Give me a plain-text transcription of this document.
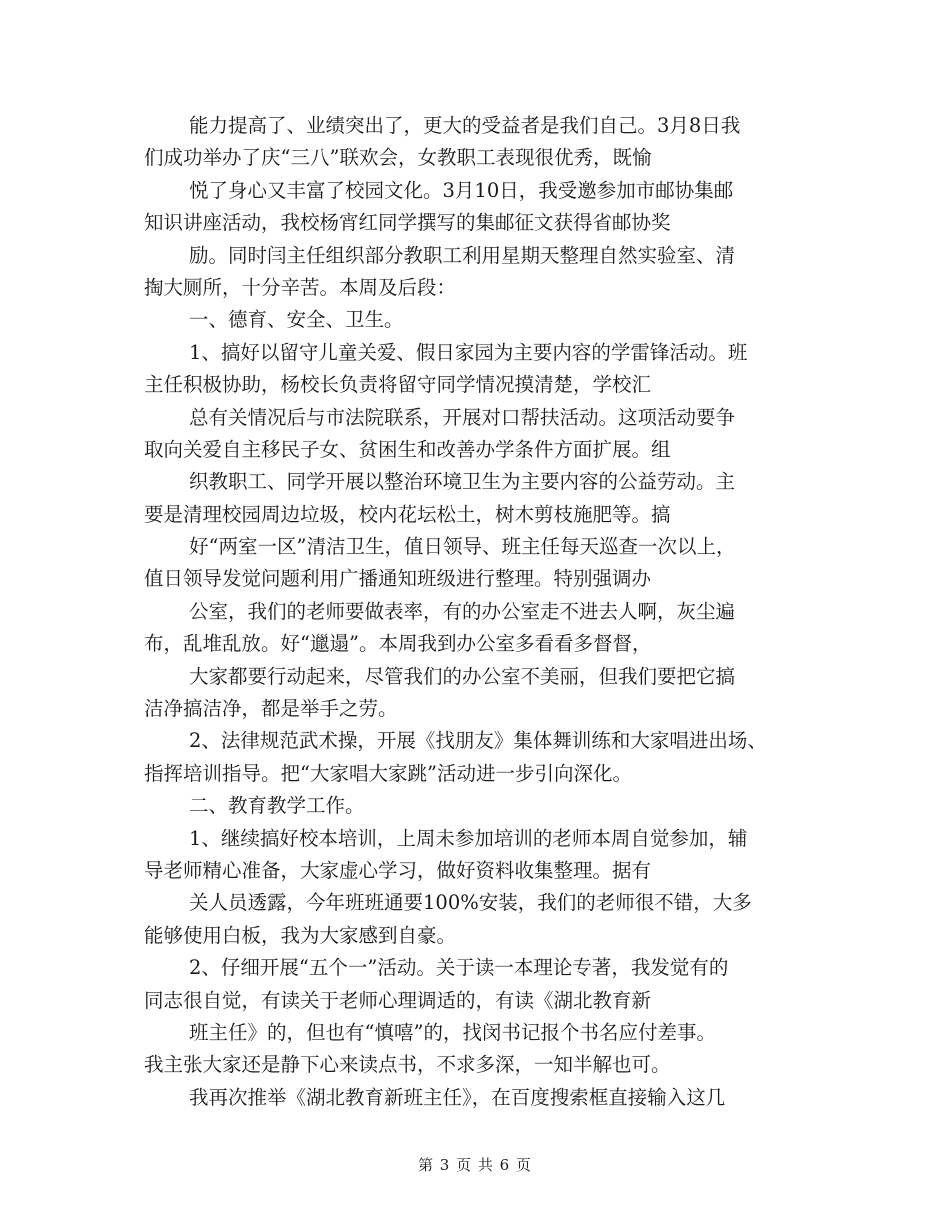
能力提高了、业绩突出了，更大的受益者是我们自己。3月8日我
们成功举办了庆“三八”联欢会，女教职工表现很优秀，既愉
悦了身心又丰富了校园文化。3月10日，我受邀参加市邮协集邮
知识讲座活动，我校杨宵红同学撰写的集邮征文获得省邮协奖
励。同时闫主任组织部分教职工利用星期天整理自然实验室、清
掏大厕所，十分辛苦。本周及后段：
一、德育、安全、卫生。
1、搞好以留守儿童关爱、假日家园为主要内容的学雷锋活动。班
主任积极协助，杨校长负责将留守同学情况摸清楚，学校汇
总有关情况后与市法院联系，开展对口帮扶活动。这项活动要争
取向关爱自主移民子女、贫困生和改善办学条件方面扩展。组
织教职工、同学开展以整治环境卫生为主要内容的公益劳动。主
要是清理校园周边垃圾，校内花坛松土，树木剪枝施肥等。搞
好“两室一区”清洁卫生，值日领导、班主任每天巡查一次以上，
值日领导发觉问题利用广播通知班级进行整理。特别强调办
公室，我们的老师要做表率，有的办公室走不进去人啊，灰尘遍
布，乱堆乱放。好“邋遢”。本周我到办公室多看看多督督，
大家都要行动起来，尽管我们的办公室不美丽，但我们要把它搞
洁净搞洁净，都是举手之劳。
2、法律规范武术操，开展《找朋友》集体舞训练和大家唱进出场、
指挥培训指导。把“大家唱大家跳”活动进一步引向深化。
二、教育教学工作。
1、继续搞好校本培训，上周未参加培训的老师本周自觉参加，辅
导老师精心准备，大家虚心学习，做好资料收集整理。据有
关人员透露，今年班班通要100%安装，我们的老师很不错，大多
能够使用白板，我为大家感到自豪。
2、仔细开展“五个一”活动。关于读一本理论专著，我发觉有的
同志很自觉，有读关于老师心理调适的，有读《湖北教育新
班主任》的，但也有“慎嘻”的，找闵书记报个书名应付差事。
我主张大家还是静下心来读点书，不求多深，一知半解也可。
我再次推举《湖北教育新班主任》，在百度搜索框直接输入这几
第 3 页 共 6 页
